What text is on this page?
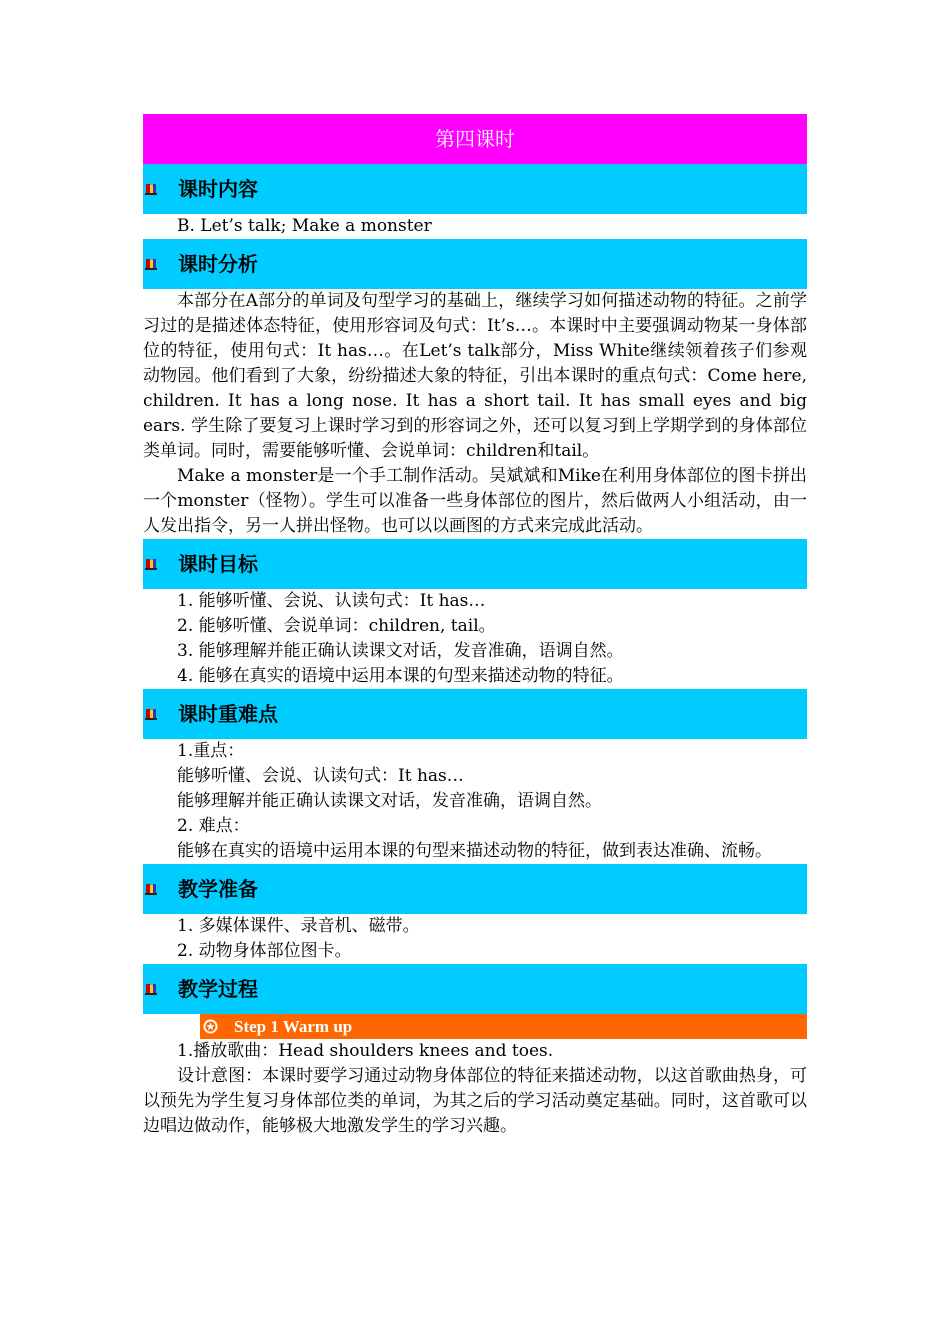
第四课时
课时内容

B. Let’s talk; Make a monster

课时分析

本部分在A部分的单词及句型学习的基础上，继续学习如何描述动物的特征。之前学习过的是描述体态特征，使用形容词及句式：It’s…。本课时中主要强调动物某一身体部位的特征，使用句式：It has…。在Let’s talk部分，Miss White继续领着孩子们参观动物园。他们看到了大象，纷纷描述大象的特征，引出本课时的重点句式：Come here, children. It has a long nose. It has a short tail. It has small eyes and big ears. 学生除了要复习上课时学习到的形容词之外，还可以复习到上学期学到的身体部位类单词。同时，需要能够听懂、会说单词：children和tail。

Make a monster是一个手工制作活动。吴斌斌和Mike在利用身体部位的图卡拼出一个monster（怪物）。学生可以准备一些身体部位的图片，然后做两人小组活动，由一人发出指令，另一人拼出怪物。也可以以画图的方式来完成此活动。

课时目标

1. 能够听懂、会说、认读句式：It has…

2. 能够听懂、会说单词：children, tail。

3. 能够理解并能正确认读课文对话，发音准确，语调自然。

4. 能够在真实的语境中运用本课的句型来描述动物的特征。

课时重难点

1.重点：

能够听懂、会说、认读句式：It has…

能够理解并能正确认读课文对话，发音准确，语调自然。

2. 难点：

能够在真实的语境中运用本课的句型来描述动物的特征，做到表达准确、流畅。

教学准备

1. 多媒体课件、录音机、磁带。

2. 动物身体部位图卡。

教学过程
Step 1 Warm up

1.播放歌曲：Head shoulders knees and toes.

设计意图：本课时要学习通过动物身体部位的特征来描述动物，以这首歌曲热身，可以预先为学生复习身体部位类的单词，为其之后的学习活动奠定基础。同时，这首歌可以边唱边做动作，能够极大地激发学生的学习兴趣。
